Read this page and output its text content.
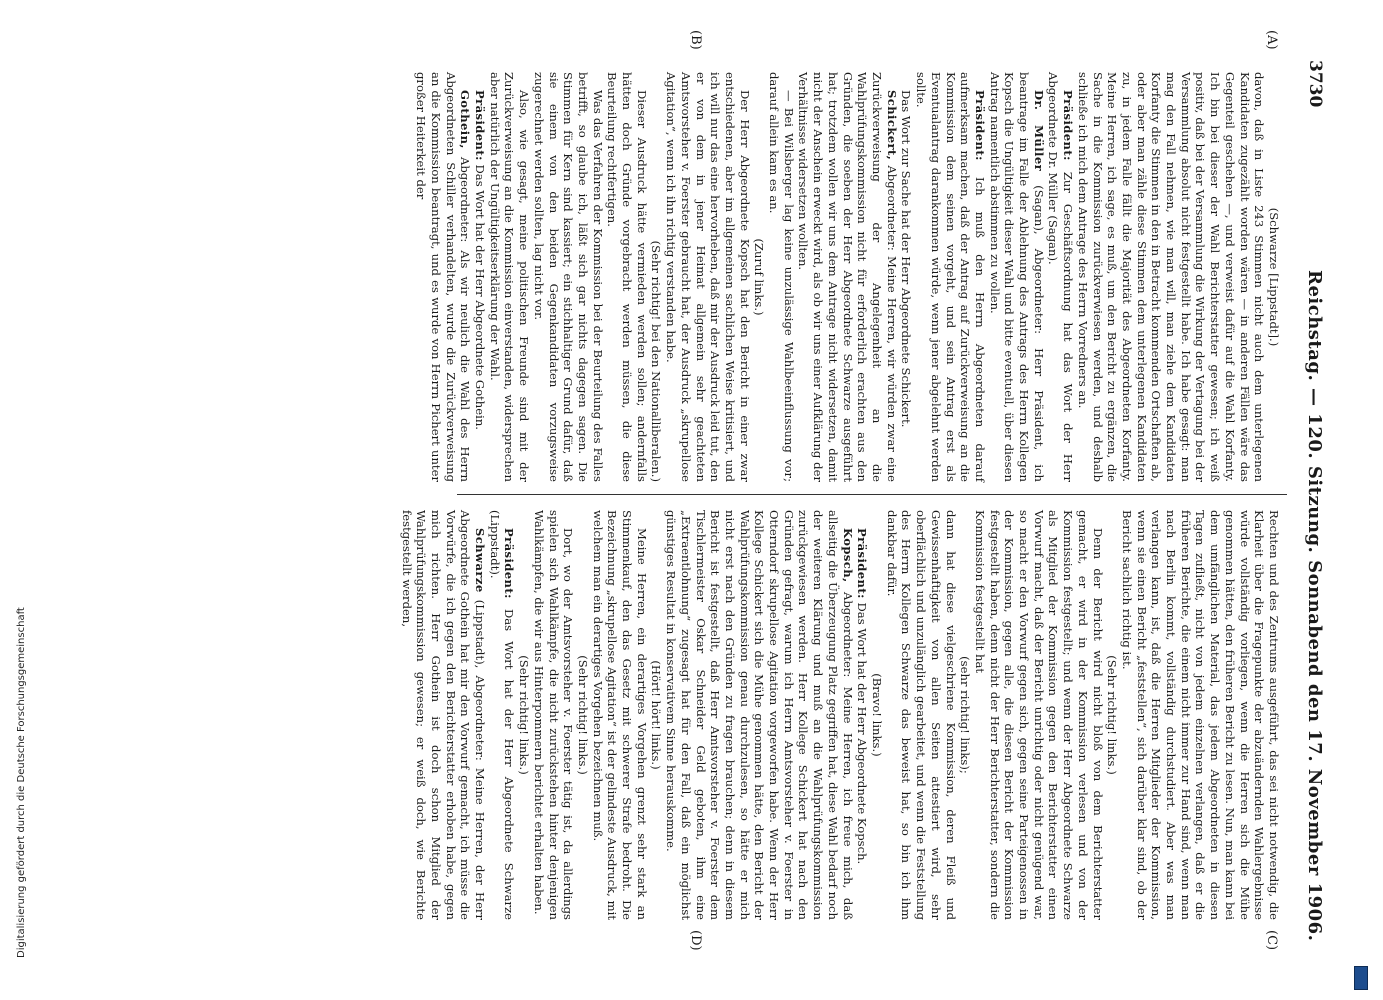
3730
Reichstag. — 120. Sitzung. Sonnabend den 17. November 1906.
(A)
(B)
(C)
(D)

(Schwarze [Lippstadt].)

davon, daß in Liste 243 Stimmen nicht auch dem unterlegenen Kandidaten zugezählt worden wären — in anderen Fällen wäre das Gegenteil geschehen —, und verweist dafür auf die Wahl Korfanty. Ich bin bei dieser der Wahl Berichterstatter gewesen; ich weiß positiv, daß bei der Versammlung die Wirkung der Vertagung bei der Versammlung absolut nicht festgestellt habe. Ich habe gesagt: man mag den Fall nehmen, wie man will, man ziehe dem Kandidaten Korfanty die Stimmen in den in Betracht kommenden Ortschaften ab, oder aber man zähle diese Stimmen dem unterlegenen Kandidaten zu, in jedem Falle fällt die Majorität des Abgeordneten Korfanty. Meine Herren, ich sage, es muß, um den Bericht zu ergänzen, die Sache in die Kommission zurückverwiesen werden, und deshalb schließe ich mich dem Antrage des Herrn Vorredners an.

Präsident: Zur Geschäftsordnung hat das Wort der Herr Abgeordnete Dr. Müller (Sagan).

Dr. Müller (Sagan), Abgeordneter: Herr Präsident, ich beantrage im Falle der Ablehnung des Antrags des Herrn Kollegen Kopsch die Ungültigkeit dieser Wahl und bitte eventuell, über diesen Antrag namentlich abstimmen zu wollen.

Präsident: Ich muß den Herrn Abgeordneten darauf aufmerksam machen, daß der Antrag auf Zurückverweisung an die Kommission dem seinen vorgeht, und sein Antrag erst als Eventualantrag darankommen würde, wenn jener abgelehnt werden sollte.

Das Wort zur Sache hat der Herr Abgeordnete Schickert.

Schickert, Abgeordneter: Meine Herren, wir würden zwar eine Zurückverweisung der Angelegenheit an die Wahlprüfungskommission nicht für erforderlich erachten aus den Gründen, die soeben der Herr Abgeordnete Schwarze ausgeführt hat; trotzdem wollen wir uns dem Antrage nicht widersetzen, damit nicht der Anschein erweckt wird, als ob wir uns einer Aufklärung der Verhältnisse widersetzen wollten.

— Bei Wilsberger lag keine unzulässige Wahlbeeinflussung vor; darauf allein kam es an.

(Zuruf links.)

Der Herr Abgeordnete Kopsch hat den Bericht in einer zwar entschiedenen, aber im allgemeinen sachlichen Weise kritisiert, und ich will nur das eine hervorheben, daß mir der Ausdruck leid tut, den er von dem in jener Heimat allgemein sehr geachteten Amtsvorsteher v. Foerster gebraucht hat, der Ausdruck „skrupellose Agitation“, wenn ich ihn richtig verstanden habe.

(Sehr richtig! bei den Nationalliberalen.)

Dieser Ausdruck hätte vermieden werden sollen; andernfalls hätten doch Gründe vorgebracht werden müssen, die diese Beurteilung rechtfertigen.

Was das Verfahren der Kommission bei der Beurteilung des Falles betrifft, so glaube ich, läßt sich gar nichts dagegen sagen. Die Stimmen für Kern sind kassiert; ein stichhaltiger Grund dafür, daß sie einem von den beiden Gegenkandidaten vorzugsweise zugerechnet werden sollten, lag nicht vor.

Also, wie gesagt, meine politischen Freunde sind mit der Zurückverweisung an die Kommission einverstanden, widersprechen aber natürlich der Ungültigkeitserklärung der Wahl.

Präsident: Das Wort hat der Herr Abgeordnete Gothein.

Gothein, Abgeordneter: Als wir neulich die Wahl des Herrn Abgeordneten Schiller verhandelten, wurde die Zurückverweisung an die Kommission beantragt, und es wurde von Herrn Pichert unter großer Heiterkeit der

Rechten und des Zentrums ausgeführt, das sei nicht notwendig, die Klarheit über die Fragepunkte der abzuändernden Wahlergebnisse würde vollständig vorliegen, wenn die Herren sich die Mühe genommen hätten, den früheren Bericht zu lesen. Nun, man kann bei dem umfänglichen Material, das jedem Abgeordneten in diesen Tagen zufließt, nicht von jedem einzelnen verlangen, daß er die früheren Berichte, die einem nicht immer zur Hand sind, wenn man nach Berlin kommt, vollständig durchstudiert. Aber was man verlangen kann, ist, daß die Herren Mitglieder der Kommission, wenn sie einen Bericht „feststellen“, sich darüber klar sind, ob der Bericht sachlich richtig ist.

(Sehr richtig! links.)

Denn der Bericht wird nicht bloß von dem Berichterstatter gemacht, er wird in der Kommission verlesen und von der Kommission festgestellt; und wenn der Herr Abgeordnete Schwarze als Mitglied der Kommission gegen den Berichterstatter einen Vorwurf macht, daß der Bericht unrichtig oder nicht genügend war, so macht er den Vorwurf gegen sich, gegen seine Parteigenossen in der Kommission, gegen alle, die diesen Bericht der Kommission festgestellt haben, denn nicht der Herr Berichterstatter, sondern die Kommission festgestellt hat

(sehr richtig! links);

dann hat diese vielgeschriene Kommission, deren Fleiß und Gewissenhaftigkeit von allen Seiten attestiert wird, sehr oberflächlich und unzulänglich gearbeitet, und wenn die Feststellung des Herrn Kollegen Schwarze das beweist hat, so bin ich ihm dankbar dafür.

(Bravo! links.)

Präsident: Das Wort hat der Herr Abgeordnete Kopsch.

Kopsch, Abgeordneter: Meine Herren, ich freue mich, daß allseitig die Überzeugung Platz gegriffen hat, diese Wahl bedarf noch der weiteren Klärung und muß an die Wahlprüfungskommission zurückgewiesen werden. Herr Kollege Schickert hat nach den Gründen gefragt, warum ich Herrn Amtsvorsteher v. Foerster in Otterndorf skrupellose Agitation vorgeworfen habe. Wenn der Herr Kollege Schickert sich die Mühe genommen hätte, den Bericht der Wahlprüfungskommission genau durchzulesen, so hätte er mich nicht erst nach den Gründen zu fragen brauchen; denn in diesem Bericht ist festgestellt, daß Herr Amtsvorsteher v. Foerster dem Tischlermeister Oskar Schneider Geld geboten, ihm eine „Extraentlohnung“ zugesagt hat für den Fall, daß ein möglichst günstiges Resultat in konservativem Sinne herauskomme.

(Hört! hört! links.)

Meine Herren, ein derartiges Vorgehen grenzt sehr stark an Stimmenkauf, den das Gesetz mit schwerer Strafe bedroht. Die Bezeichnung „skrupellose Agitation“ ist der gelindeste Ausdruck, mit welchem man ein derartiges Vorgehen bezeichnen muß.

(Sehr richtig! links.)

Dort, wo der Amtsvorsteher v. Foerster tätig ist, da allerdings spielen sich Wahlkämpfe, die nicht zurückstehen hinter denjenigen Wahlkämpfen, die wir aus Hinterpommern berichtet erhalten haben.

(Sehr richtig! links.)

Präsident: Das Wort hat der Herr Abgeordnete Schwarze (Lippstadt).

Schwarze (Lippstadt), Abgeordneter: Meine Herren, der Herr Abgeordnete Gothein hat mir den Vorwurf gemacht, ich müsse die Vorwürfe, die ich gegen den Berichterstatter erhoben habe, gegen mich richten. Herr Gothein ist doch schon Mitglied der Wahlprüfungskommission gewesen; er weiß doch, wie Berichte festgestellt werden,

Digitalisierung gefördert durch die Deutsche Forschungsgemeinschaft
